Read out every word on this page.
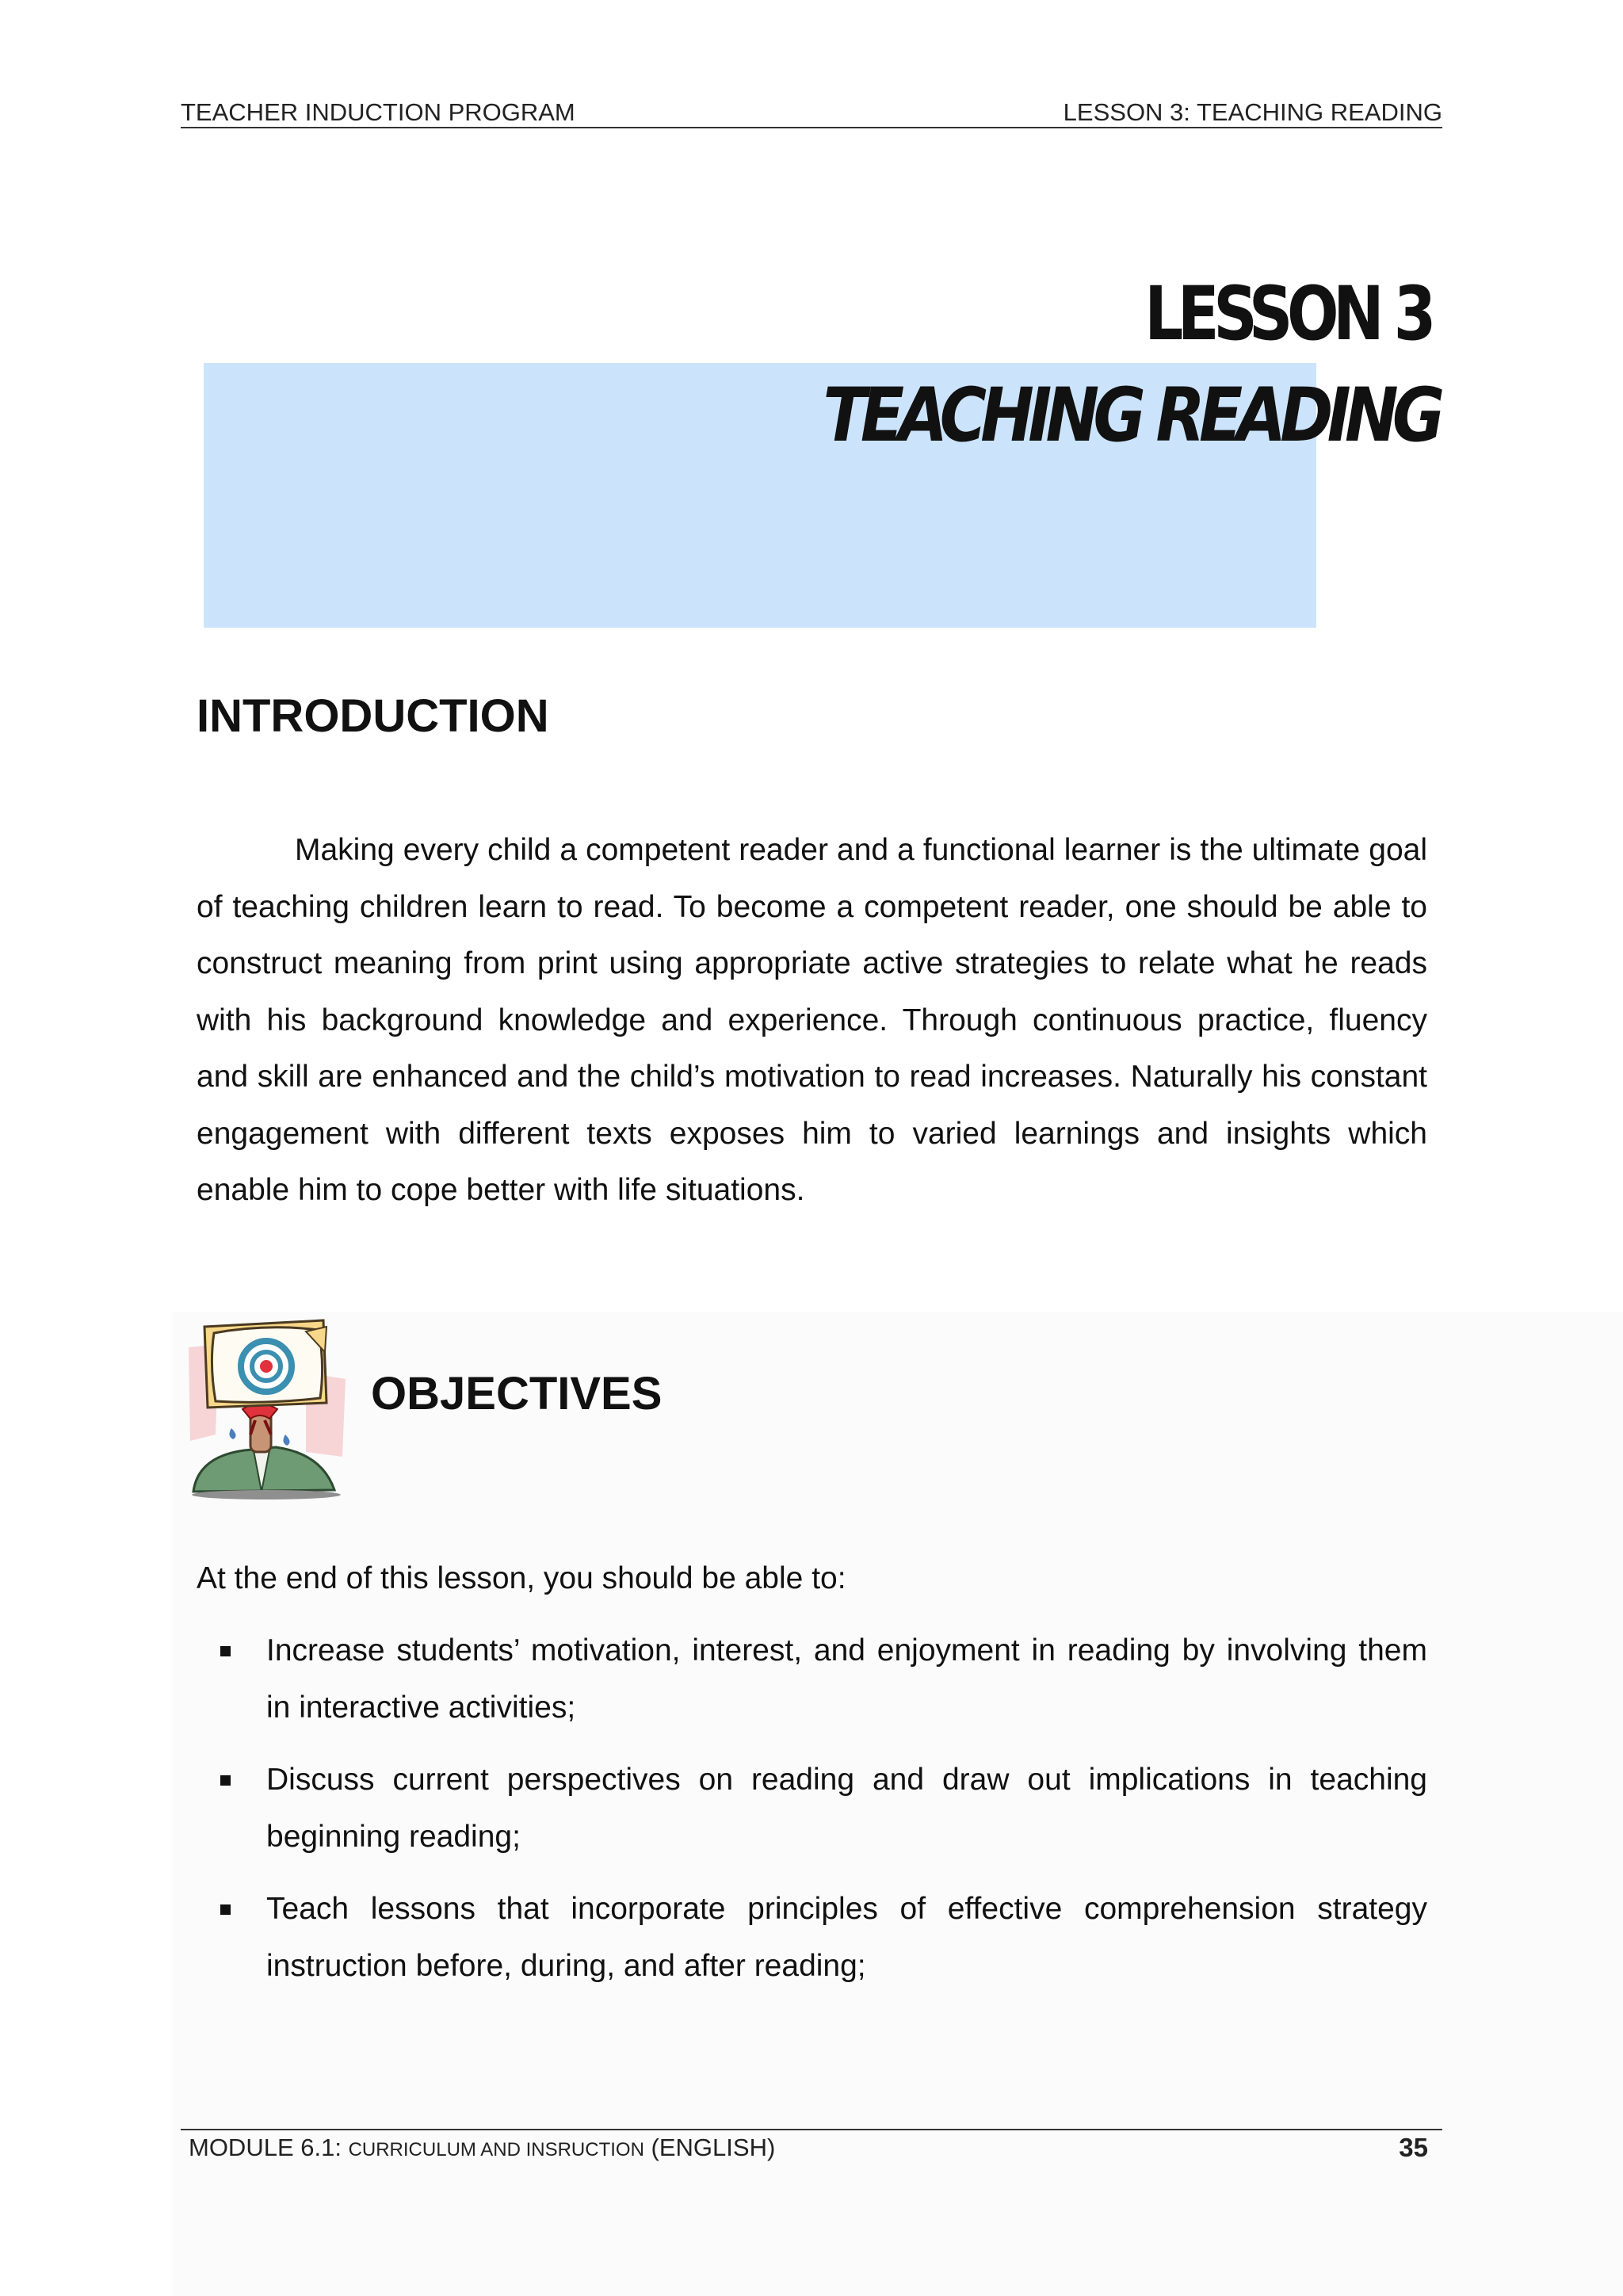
TEACHER INDUCTION PROGRAM	LESSON 3: TEACHING READING
LESSON 3
TEACHING READING
INTRODUCTION

Making every child a competent reader and a functional learner is the ultimate goal of teaching children learn to read. To become a competent reader, one should be able to construct meaning from print using appropriate active strategies to relate what he reads with his background knowledge and experience. Through continuous practice, fluency and skill are enhanced and the child’s motivation to read increases. Naturally his constant engagement with different texts exposes him to varied learnings and insights which enable him to cope better with life situations.

OBJECTIVES

At the end of this lesson, you should be able to:

Increase students’ motivation, interest, and enjoyment in reading by involving them in interactive activities;
Discuss current perspectives on reading and draw out implications in teaching beginning reading;
Teach lessons that incorporate principles of effective comprehension strategy instruction before, during, and after reading;
MODULE 6.1: CURRICULUM AND INSRUCTION (ENGLISH)	35
